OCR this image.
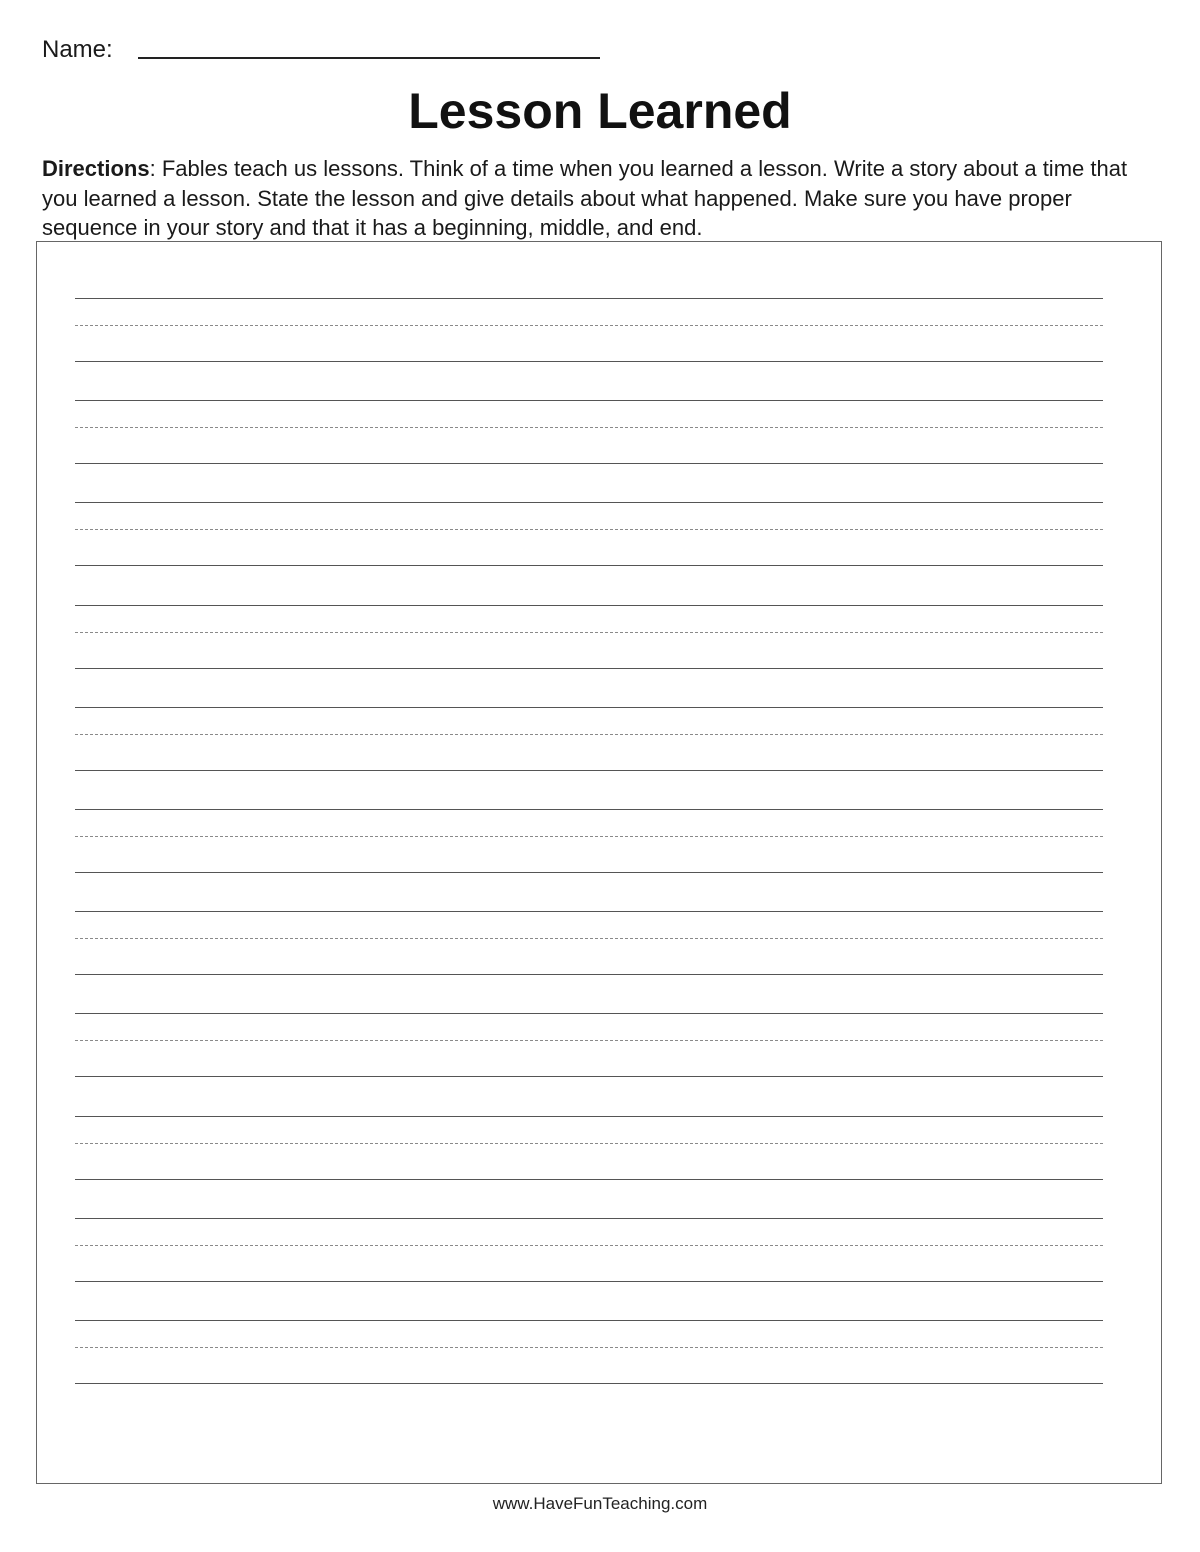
Name:
Lesson Learned

Directions: Fables teach us lessons. Think of a time when you learned a lesson. Write a story about a time that you learned a lesson. State the lesson and give details about what happened. Make sure you have proper sequence in your story and that it has a beginning, middle, and end.

www.HaveFunTeaching.com
